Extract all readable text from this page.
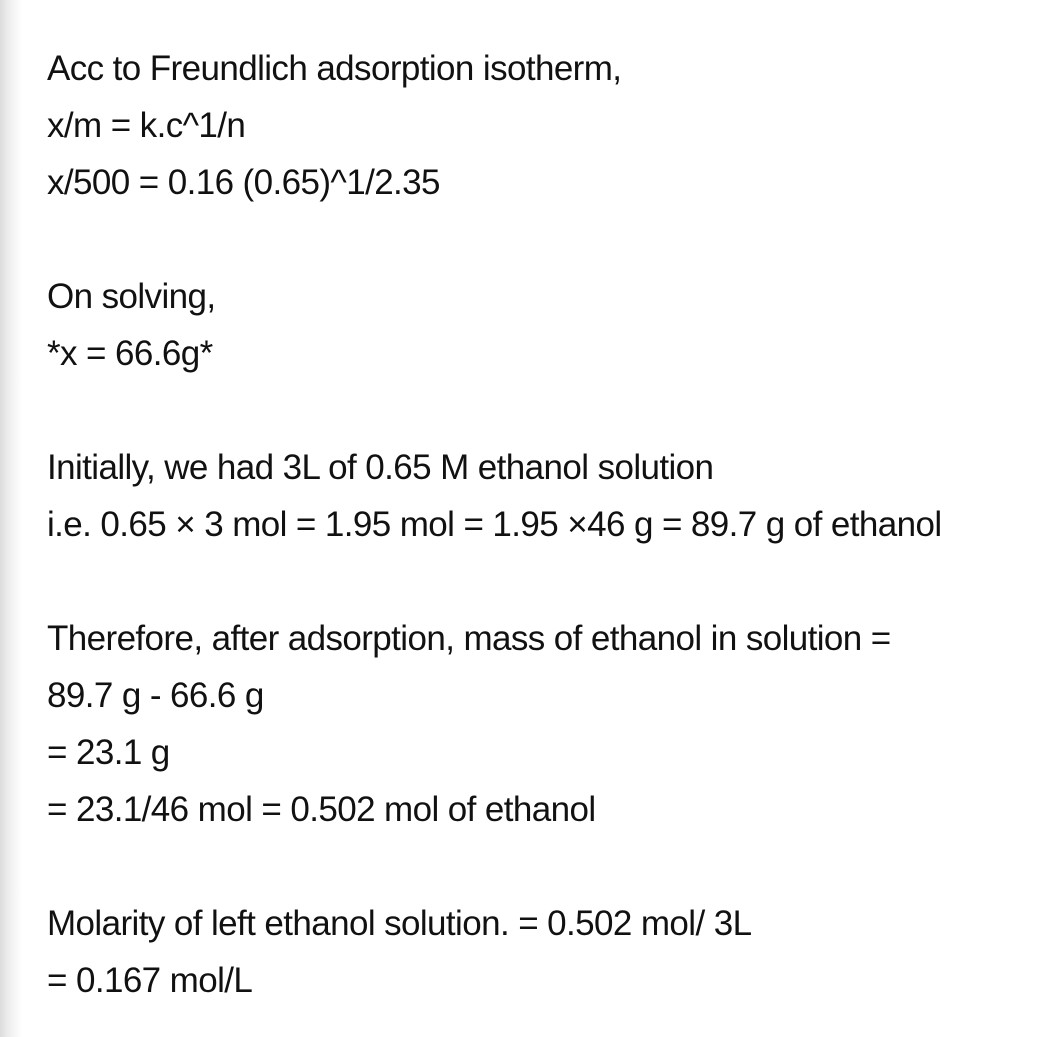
Acc to Freundlich adsorption isotherm,

x/m = k.c^1/n

x/500 = 0.16 (0.65)^1/2.35

On solving,

*x = 66.6g*

Initially, we had 3L of 0.65 M ethanol solution

i.e. 0.65 × 3 mol = 1.95 mol = 1.95 ×46 g = 89.7 g of ethanol

Therefore, after adsorption, mass of ethanol in solution =

89.7 g - 66.6 g

= 23.1 g

= 23.1/46 mol = 0.502 mol of ethanol

Molarity of left ethanol solution. = 0.502 mol/ 3L

= 0.167 mol/L
